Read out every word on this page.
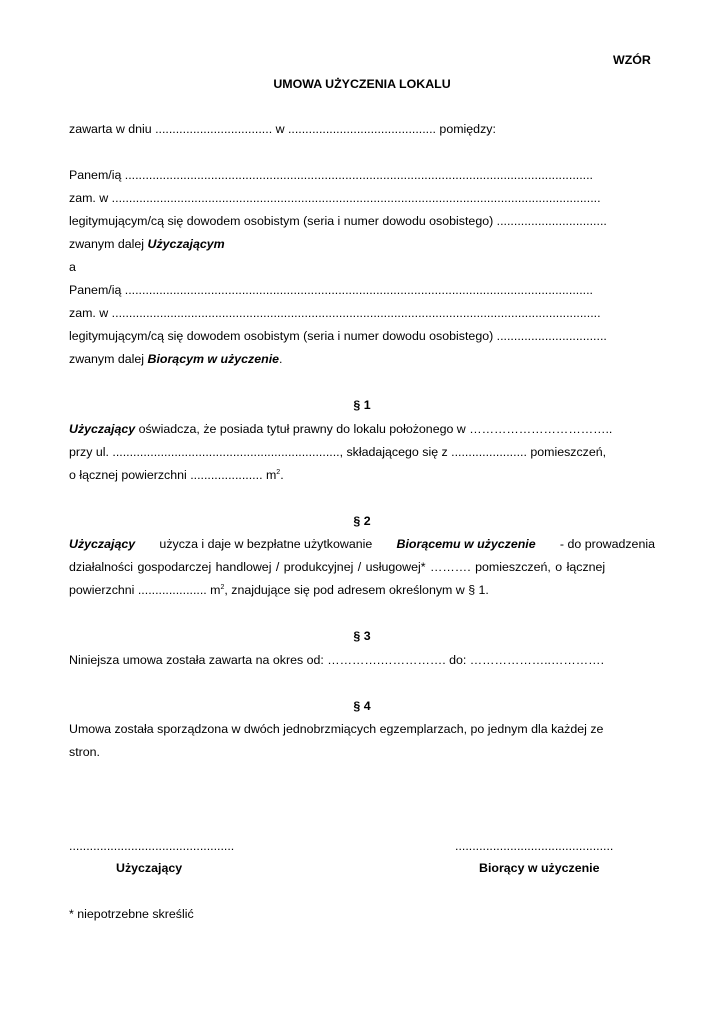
WZÓR
UMOWA UŻYCZENIA LOKALU
zawarta w dniu .................................. w ........................................... pomiędzy:
Panem/ią ........................................................................................................................................
zam. w ..............................................................................................................................................
legitymującym/cą się dowodem osobistym (seria i numer dowodu osobistego) ................................
zwanym dalej Użyczającym
a
Panem/ią ........................................................................................................................................
zam. w ..............................................................................................................................................
legitymującym/cą się dowodem osobistym (seria i numer dowodu osobistego) ................................
zwanym dalej Biorącym w użyczenie.
§ 1
Użyczający oświadcza, że posiada tytuł prawny do lokalu położonego w ……………………………..
przy ul. .................................................................., składającego się z ...................... pomieszczeń,
o łącznej powierzchni ..................... $m^2$.
§ 2
Użyczający użycza i daje w bezpłatne użytkowanie Biorącemu w użyczenie - do prowadzenia
działalności gospodarczej handlowej / produkcyjnej / usługowej* ………. pomieszczeń, o łącznej
powierzchni .................... $m^2$, znajdujące się pod adresem określonym w § 1.
§ 3
Niniejsza umowa została zawarta na okres od: ………….……………. do: ………………..………….
§ 4
Umowa została sporządzona w dwóch jednobrzmiących egzemplarzach, po jednym dla każdej ze
stron.
................................................	..............................................
Użyczający	Biorący w użyczenie
* niepotrzebne skreślić
